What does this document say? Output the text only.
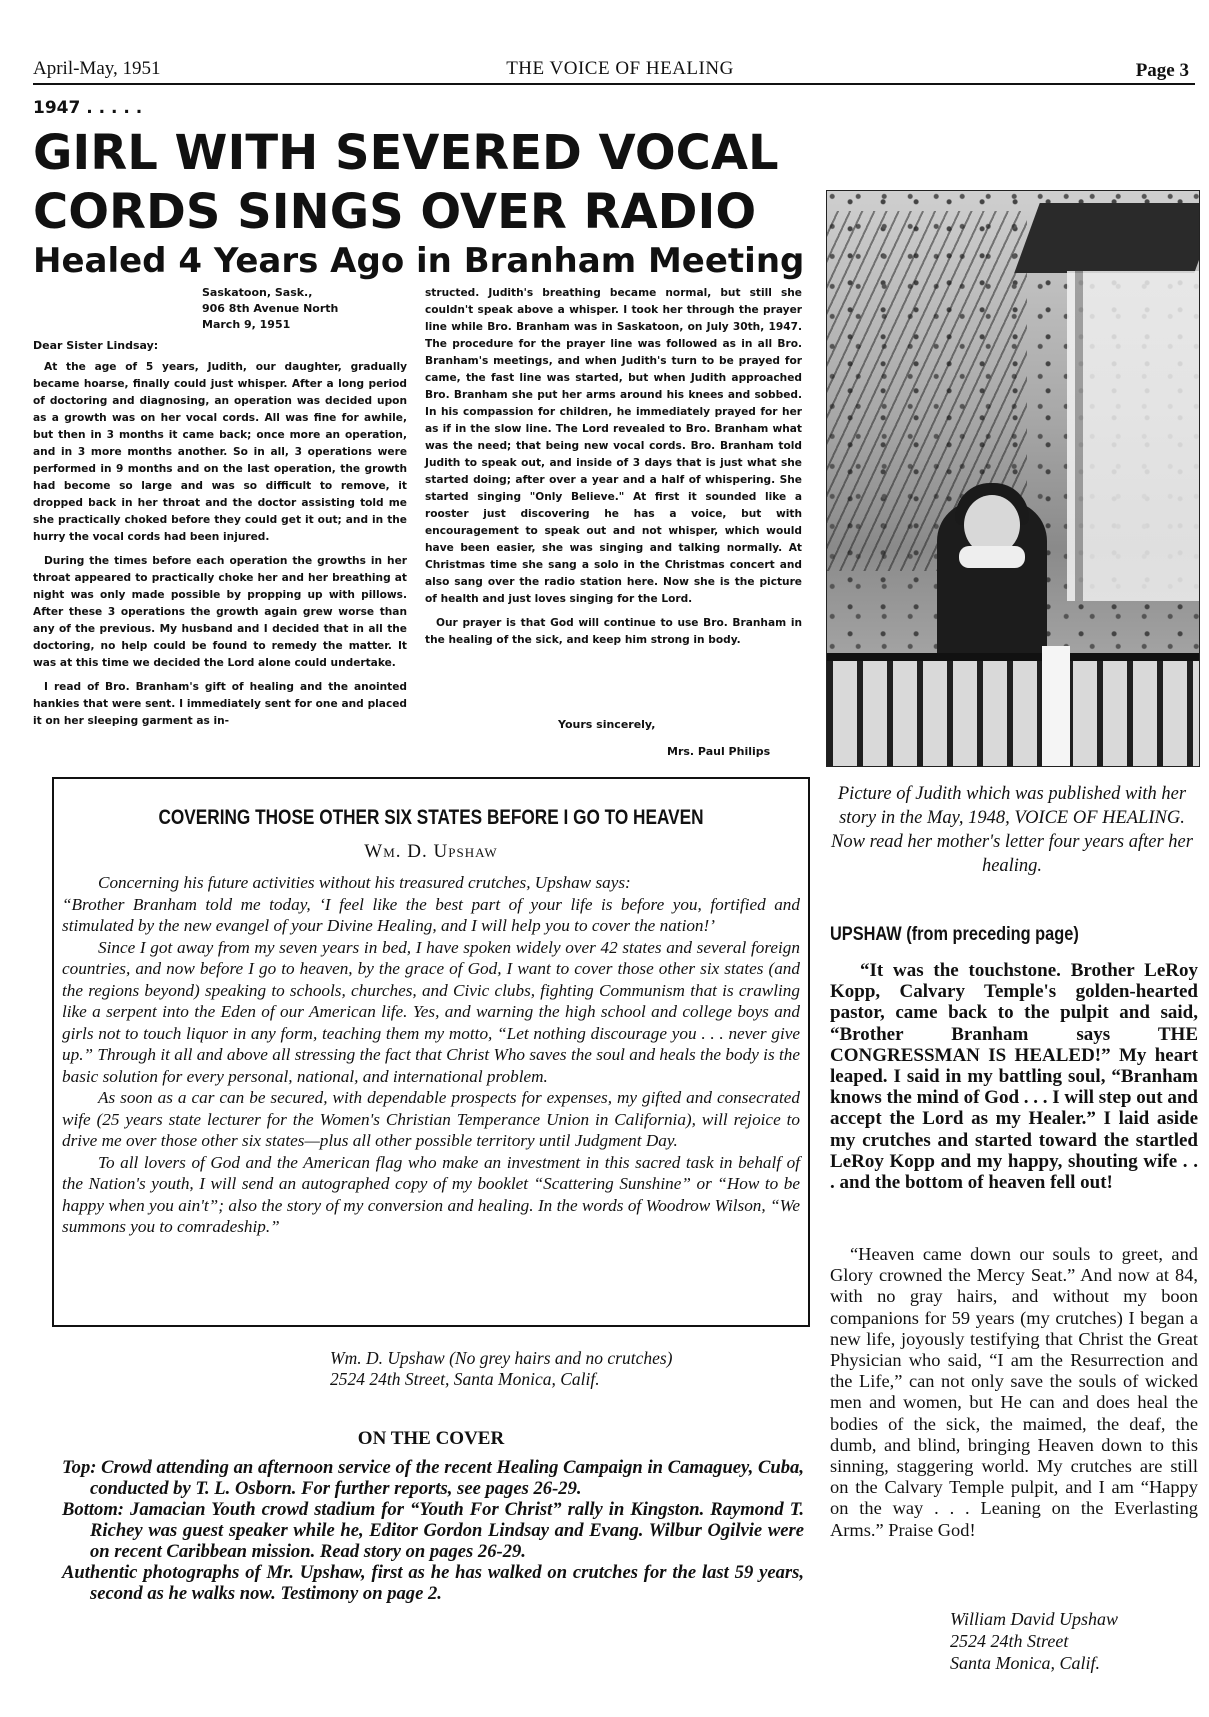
April-May, 1951	THE VOICE OF HEALING	Page 3
1947 . . . . .
GIRL WITH SEVERED VOCAL
CORDS SINGS OVER RADIO
Healed 4 Years Ago in Branham Meeting
Saskatoon, Sask.,
906 8th Avenue North
March 9, 1951
Dear Sister Lindsay:

At the age of 5 years, Judith, our daughter, gradually became hoarse, finally could just whisper. After a long period of doctoring and diagnosing, an operation was decided upon as a growth was on her vocal cords. All was fine for awhile, but then in 3 months it came back; once more an operation, and in 3 more months another. So in all, 3 operations were performed in 9 months and on the last operation, the growth had become so large and was so difficult to remove, it dropped back in her throat and the doctor assisting told me she practically choked before they could get it out; and in the hurry the vocal cords had been injured.

During the times before each operation the growths in her throat appeared to practically choke her and her breathing at night was only made possible by propping up with pillows. After these 3 operations the growth again grew worse than any of the previous. My husband and I decided that in all the doctoring, no help could be found to remedy the matter. It was at this time we decided the Lord alone could undertake.

I read of Bro. Branham's gift of healing and the anointed hankies that were sent. I immediately sent for one and placed it on her sleeping garment as in-

structed. Judith's breathing became normal, but still she couldn't speak above a whisper. I took her through the prayer line while Bro. Branham was in Saskatoon, on July 30th, 1947. The procedure for the prayer line was followed as in all Bro. Branham's meetings, and when Judith's turn to be prayed for came, the fast line was started, but when Judith approached Bro. Branham she put her arms around his knees and sobbed. In his compassion for children, he immediately prayed for her as if in the slow line. The Lord revealed to Bro. Branham what was the need; that being new vocal cords. Bro. Branham told Judith to speak out, and inside of 3 days that is just what she started doing; after over a year and a half of whispering. She started singing "Only Believe." At first it sounded like a rooster just discovering he has a voice, but with encouragement to speak out and not whisper, which would have been easier, she was singing and talking normally. At Christmas time she sang a solo in the Christmas concert and also sang over the radio station here. Now she is the picture of health and just loves singing for the Lord.

Our prayer is that God will continue to use Bro. Branham in the healing of the sick, and keep him strong in body.

Yours sincerely,
Mrs. Paul Philips
Picture of Judith which was published with her story in the May, 1948, VOICE OF HEALING. Now read her mother's letter four years after her healing.
COVERING THOSE OTHER SIX STATES BEFORE I GO TO HEAVEN
Wm. D. Upshaw

Concerning his future activities without his treasured crutches, Upshaw says:

“Brother Branham told me today, ‘I feel like the best part of your life is before you, fortified and stimulated by the new evangel of your Divine Healing, and I will help you to cover the nation!’

Since I got away from my seven years in bed, I have spoken widely over 42 states and several foreign countries, and now before I go to heaven, by the grace of God, I want to cover those other six states (and the regions beyond) speaking to schools, churches, and Civic clubs, fighting Communism that is crawling like a serpent into the Eden of our American life. Yes, and warning the high school and college boys and girls not to touch liquor in any form, teaching them my motto, “Let nothing discourage you . . . never give up.” Through it all and above all stressing the fact that Christ Who saves the soul and heals the body is the basic solution for every personal, national, and international problem.

As soon as a car can be secured, with dependable prospects for expenses, my gifted and consecrated wife (25 years state lecturer for the Women's Christian Temperance Union in California), will rejoice to drive me over those other six states—plus all other possible territory until Judgment Day.

To all lovers of God and the American flag who make an investment in this sacred task in behalf of the Nation's youth, I will send an autographed copy of my booklet “Scattering Sunshine” or “How to be happy when you ain't”; also the story of my conversion and healing. In the words of Woodrow Wilson, “We summons you to comradeship.”

Wm. D. Upshaw (No grey hairs and no crutches)
2524 24th Street, Santa Monica, Calif.
ON THE COVER

Top: Crowd attending an afternoon service of the recent Healing Campaign in Camaguey, Cuba, conducted by T. L. Osborn. For further reports, see pages 26-29.

Bottom: Jamacian Youth crowd stadium for “Youth For Christ” rally in Kingston. Raymond T. Richey was guest speaker while he, Editor Gordon Lindsay and Evang. Wilbur Ogilvie were on recent Caribbean mission. Read story on pages 26-29.

Authentic photographs of Mr. Upshaw, first as he has walked on crutches for the last 59 years, second as he walks now. Testimony on page 2.

UPSHAW (from preceding page)

“It was the touchstone. Brother LeRoy Kopp, Calvary Temple's golden-hearted pastor, came back to the pulpit and said, “Brother Branham says THE CONGRESSMAN IS HEALED!” My heart leaped. I said in my battling soul, “Branham knows the mind of God . . . I will step out and accept the Lord as my Healer.” I laid aside my crutches and started toward the startled LeRoy Kopp and my happy, shouting wife . . . and the bottom of heaven fell out!

“Heaven came down our souls to greet, and Glory crowned the Mercy Seat.” And now at 84, with no gray hairs, and without my boon companions for 59 years (my crutches) I began a new life, joyously testifying that Christ the Great Physician who said, “I am the Resurrection and the Life,” can not only save the souls of wicked men and women, but He can and does heal the bodies of the sick, the maimed, the deaf, the dumb, and blind, bringing Heaven down to this sinning, staggering world. My crutches are still on the Calvary Temple pulpit, and I am “Happy on the way . . . Leaning on the Everlasting Arms.” Praise God!

William David Upshaw
2524 24th Street
Santa Monica, Calif.
